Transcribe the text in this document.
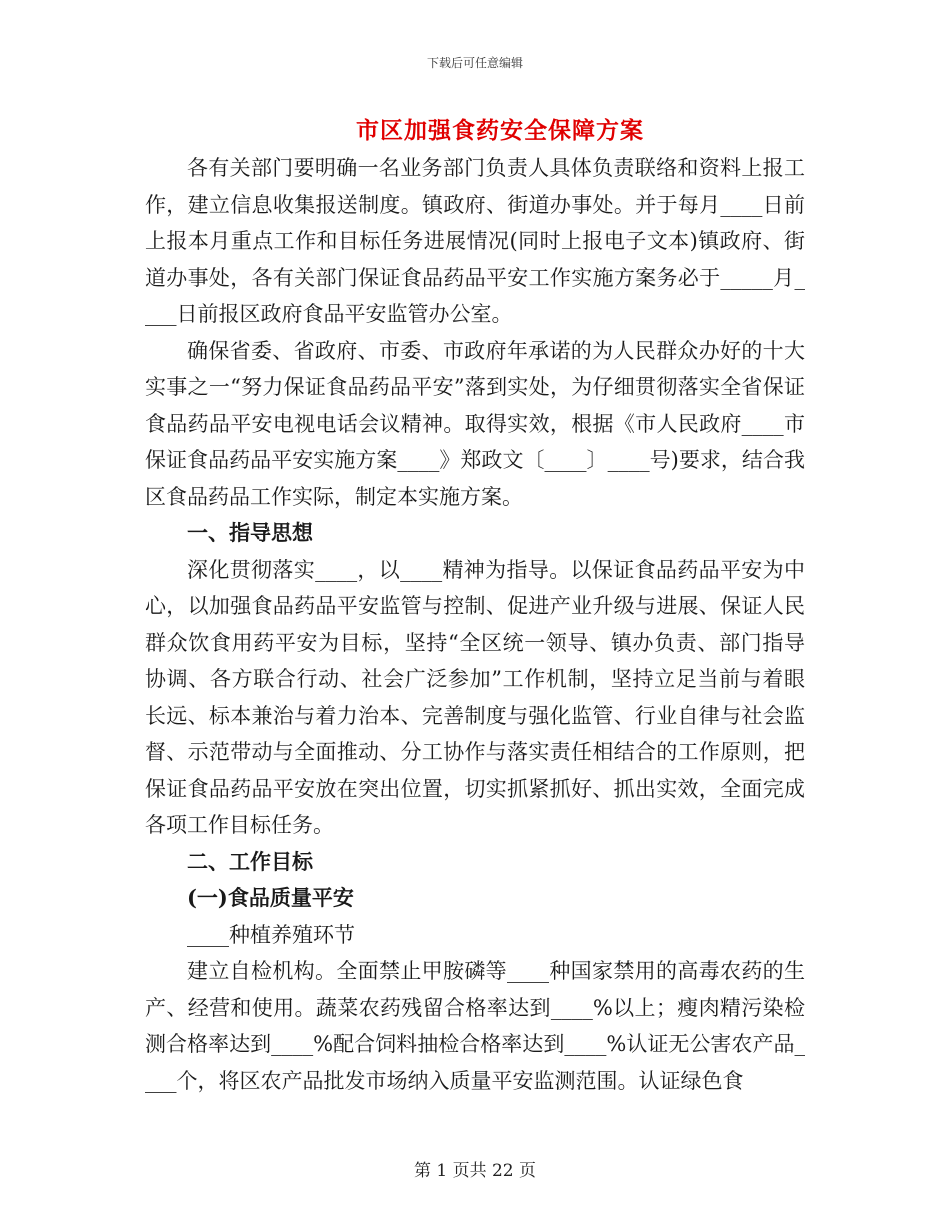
下载后可任意编辑
市区加强食药安全保障方案

各有关部门要明确一名业务部门负责人具体负责联络和资料上报工作，建立信息收集报送制度。镇政府、街道办事处。并于每月____日前上报本月重点工作和目标任务进展情况(同时上报电子文本)镇政府、街道办事处，各有关部门保证食品药品平安工作实施方案务必于_____月____日前报区政府食品平安监管办公室。

确保省委、省政府、市委、市政府年承诺的为人民群众办好的十大实事之一“努力保证食品药品平安”落到实处，为仔细贯彻落实全省保证食品药品平安电视电话会议精神。取得实效，根据《市人民政府____市保证食品药品平安实施方案____》郑政文〔____〕____号)要求，结合我区食品药品工作实际，制定本实施方案。

一、指导思想

深化贯彻落实____，以____精神为指导。以保证食品药品平安为中心，以加强食品药品平安监管与控制、促进产业升级与进展、保证人民群众饮食用药平安为目标，坚持“全区统一领导、镇办负责、部门指导协调、各方联合行动、社会广泛参加”工作机制，坚持立足当前与着眼长远、标本兼治与着力治本、完善制度与强化监管、行业自律与社会监督、示范带动与全面推动、分工协作与落实责任相结合的工作原则，把保证食品药品平安放在突出位置，切实抓紧抓好、抓出实效，全面完成各项工作目标任务。

二、工作目标

(一)食品质量平安

____种植养殖环节

建立自检机构。全面禁止甲胺磷等____种国家禁用的高毒农药的生产、经营和使用。蔬菜农药残留合格率达到____%以上；瘦肉精污染检测合格率达到____%配合饲料抽检合格率达到____%认证无公害农产品____个，将区农产品批发市场纳入质量平安监测范围。认证绿色食

第 1 页共 22 页
